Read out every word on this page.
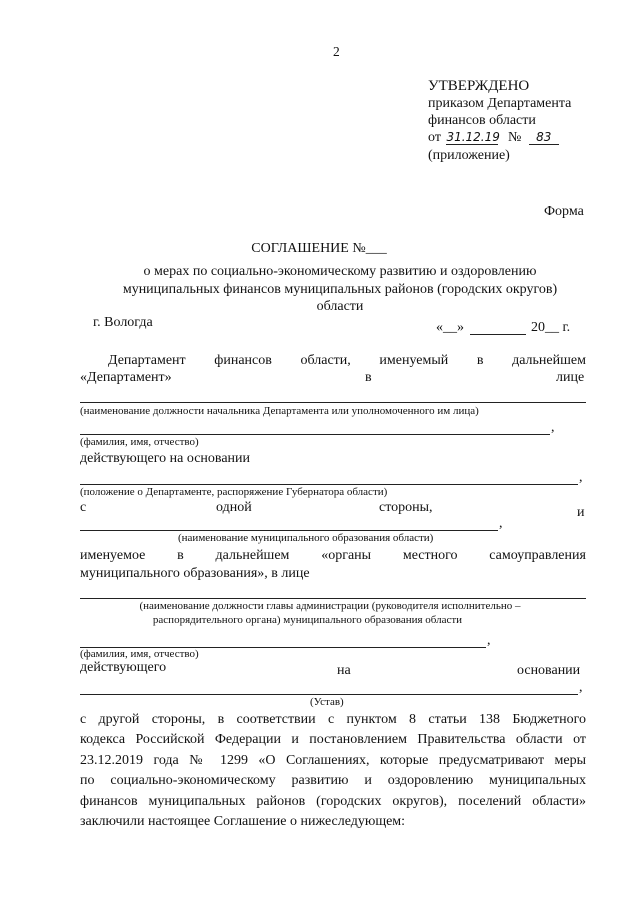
2
УТВЕРЖДЕНО
приказом Департамента
финансов области
от 31.12.19 № 83
(приложение)
Форма
СОГЛАШЕНИЕ №___
о мерах по социально-экономическому развитию и оздоровлению
муниципальных финансов муниципальных районов (городских округов)
области
г. Вологда	«__»	20__ г.
Департамент финансов области, именуемый в дальнейшем
«Департамент»	в	лице
(наименование должности начальника Департамента или уполномоченного им лица)
,
(фамилия, имя, отчество)
действующего на основании
,
(положение о Департаменте, распоряжение Губернатора области)
с	одной	стороны,	и
,
(наименование муниципального образования области)
именуемое в дальнейшем «органы местного самоуправления
муниципального образования», в лице
(наименование должности главы администрации (руководителя исполнительно –
распорядительного органа) муниципального образования области
,
(фамилия, имя, отчество)
действующего	на	основании
,
(Устав)
с другой стороны, в соответствии с пунктом 8 статьи 138 Бюджетного
кодекса Российской Федерации и постановлением Правительства области от
23.12.2019 года № 1299 «О Соглашениях, которые предусматривают меры
по социально-экономическому развитию и оздоровлению муниципальных
финансов муниципальных районов (городских округов), поселений области»
заключили настоящее Соглашение о нижеследующем:
